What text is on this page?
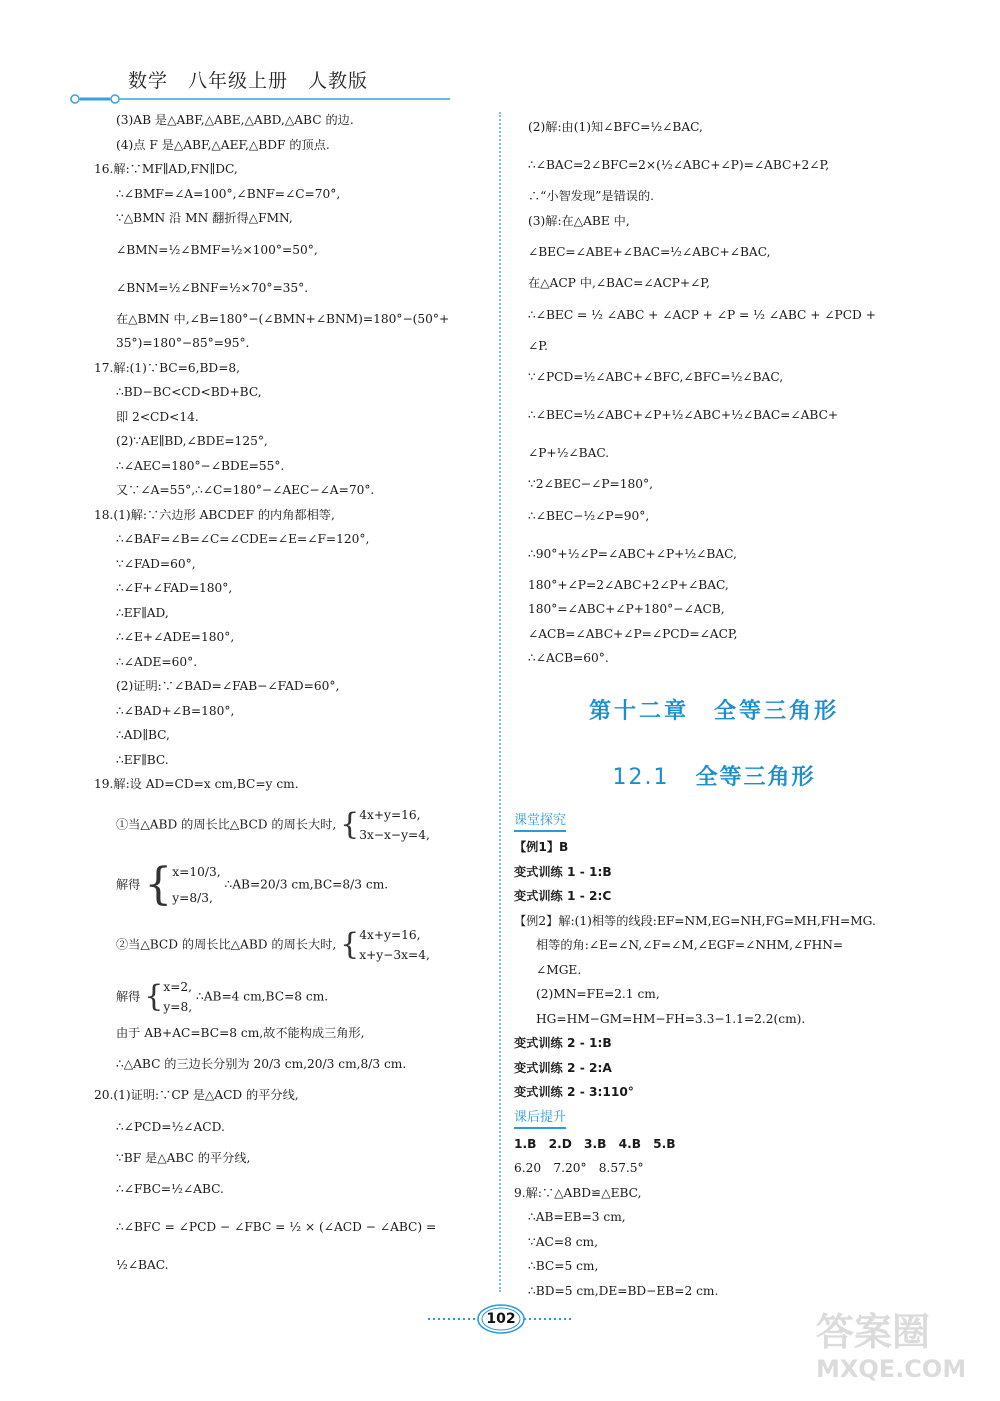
数学　八年级上册　人教版
(3)AB 是△ABF,△ABE,△ABD,△ABC 的边.
(4)点 F 是△ABF,△AEF,△BDF 的顶点.
16.解:∵MF∥AD,FN∥DC,
∴∠BMF=∠A=100°,∠BNF=∠C=70°,
∵△BMN 沿 MN 翻折得△FMN,
∠BMN=½∠BMF=½×100°=50°,
∠BNM=½∠BNF=½×70°=35°.
在△BMN 中,∠B=180°−(∠BMN+∠BNM)=180°−(50°+
35°)=180°−85°=95°.
17.解:(1)∵BC=6,BD=8,
∴BD−BC<CD<BD+BC,
即 2<CD<14.
(2)∵AE∥BD,∠BDE=125°,
∴∠AEC=180°−∠BDE=55°.
又∵∠A=55°,∴∠C=180°−∠AEC−∠A=70°.
18.(1)解:∵六边形 ABCDEF 的内角都相等,
∴∠BAF=∠B=∠C=∠CDE=∠E=∠F=120°,
∵∠FAD=60°,
∴∠F+∠FAD=180°,
∴EF∥AD,
∴∠E+∠ADE=180°,
∴∠ADE=60°.
(2)证明:∵∠BAD=∠FAB−∠FAD=60°,
∴∠BAD+∠B=180°,
∴AD∥BC,
∴EF∥BC.
19.解:设 AD=CD=x cm,BC=y cm.
①当△ABD 的周长比△BCD 的周长大时, {4x+y=16,
3x−x−y=4,
解得 {x=10/3,
y=8/3, ∴AB=20/3 cm,BC=8/3 cm.
②当△BCD 的周长比△ABD 的周长大时, {4x+y=16,
x+y−3x=4,
解得 {x=2,
y=8, ∴AB=4 cm,BC=8 cm.
由于 AB+AC=BC=8 cm,故不能构成三角形,
∴△ABC 的三边长分别为 20/3 cm,20/3 cm,8/3 cm.
20.(1)证明:∵CP 是△ACD 的平分线,
∴∠PCD=½∠ACD.
∵BF 是△ABC 的平分线,
∴∠FBC=½∠ABC.
∴∠BFC = ∠PCD − ∠FBC = ½ × (∠ACD − ∠ABC) =
½∠BAC.
(2)解:由(1)知∠BFC=½∠BAC,
∴∠BAC=2∠BFC=2×(½∠ABC+∠P)=∠ABC+2∠P,
∴“小智发现”是错误的.
(3)解:在△ABE 中,
∠BEC=∠ABE+∠BAC=½∠ABC+∠BAC,
在△ACP 中,∠BAC=∠ACP+∠P,
∴∠BEC = ½ ∠ABC + ∠ACP + ∠P = ½ ∠ABC + ∠PCD +
∠P.
∵∠PCD=½∠ABC+∠BFC,∠BFC=½∠BAC,
∴∠BEC=½∠ABC+∠P+½∠ABC+½∠BAC=∠ABC+
∠P+½∠BAC.
∵2∠BEC−∠P=180°,
∴∠BEC−½∠P=90°,
∴90°+½∠P=∠ABC+∠P+½∠BAC,
180°+∠P=2∠ABC+2∠P+∠BAC,
180°=∠ABC+∠P+180°−∠ACB,
∠ACB=∠ABC+∠P=∠PCD=∠ACP,
∴∠ACB=60°.
第十二章　全等三角形
12.1 全等三角形
课堂探究
【例1】B
变式训练 1 - 1:B
变式训练 1 - 2:C
【例2】解:(1)相等的线段:EF=NM,EG=NH,FG=MH,FH=MG.
相等的角:∠E=∠N,∠F=∠M,∠EGF=∠NHM,∠FHN=
∠MGE.
(2)MN=FE=2.1 cm,
HG=HM−GM=HM−FH=3.3−1.1=2.2(cm).
变式训练 2 - 1:B
变式训练 2 - 2:A
变式训练 2 - 3:110°
课后提升
1.B　2.D　3.B　4.B　5.B
6.20　7.20°　8.57.5°
9.解:∵△ABD≌△EBC,
∴AB=EB=3 cm,
∵AC=8 cm,
∴BC=5 cm,
∴BD=5 cm,DE=BD−EB=2 cm.
102	答案圈
MXQE.COM
